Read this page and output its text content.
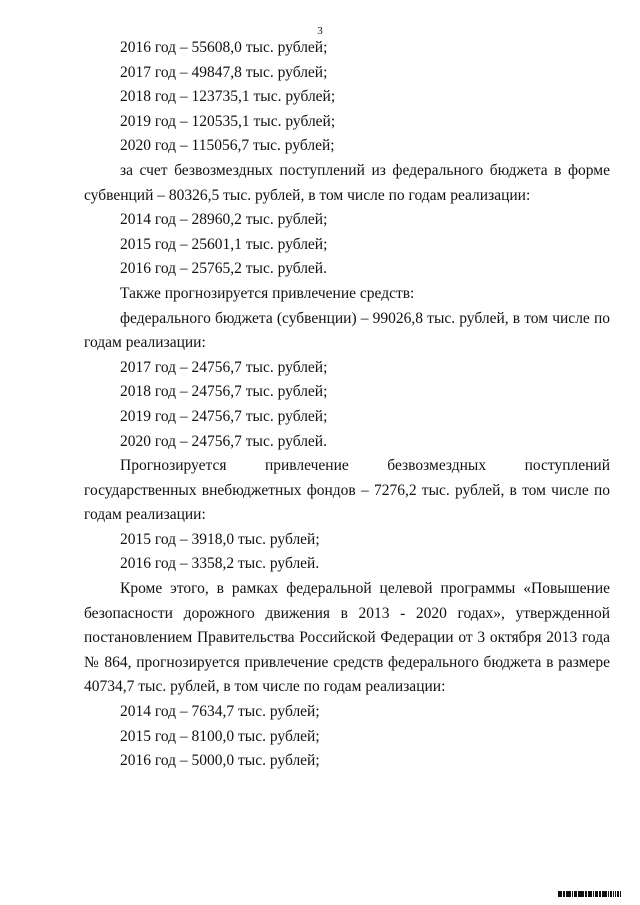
3

2016 год – 55608,0 тыс. рублей;

2017 год – 49847,8 тыс. рублей;

2018 год – 123735,1 тыс. рублей;

2019 год – 120535,1 тыс. рублей;

2020 год – 115056,7 тыс. рублей;

за счет безвозмездных поступлений из федерального бюджета в форме субвенций – 80326,5 тыс. рублей, в том числе по годам реализации:

2014 год – 28960,2 тыс. рублей;

2015 год – 25601,1 тыс. рублей;

2016 год – 25765,2 тыс. рублей.

Также прогнозируется привлечение средств:

федерального бюджета (субвенции) – 99026,8 тыс. рублей, в том числе по годам реализации:

2017 год – 24756,7 тыс. рублей;

2018 год – 24756,7 тыс. рублей;

2019 год – 24756,7 тыс. рублей;

2020 год – 24756,7 тыс. рублей.

Прогнозируется привлечение безвозмездных поступлений государственных внебюджетных фондов – 7276,2 тыс. рублей, в том числе по годам реализации:

2015 год – 3918,0 тыс. рублей;

2016 год – 3358,2 тыс. рублей.

Кроме этого, в рамках федеральной целевой программы «Повышение безопасности дорожного движения в 2013 - 2020 годах», утвержденной постановлением Правительства Российской Федерации от 3 октября 2013 года № 864, прогнозируется привлечение средств федерального бюджета в размере 40734,7 тыс. рублей, в том числе по годам реализации:

2014 год – 7634,7 тыс. рублей;

2015 год – 8100,0 тыс. рублей;

2016 год – 5000,0 тыс. рублей;
